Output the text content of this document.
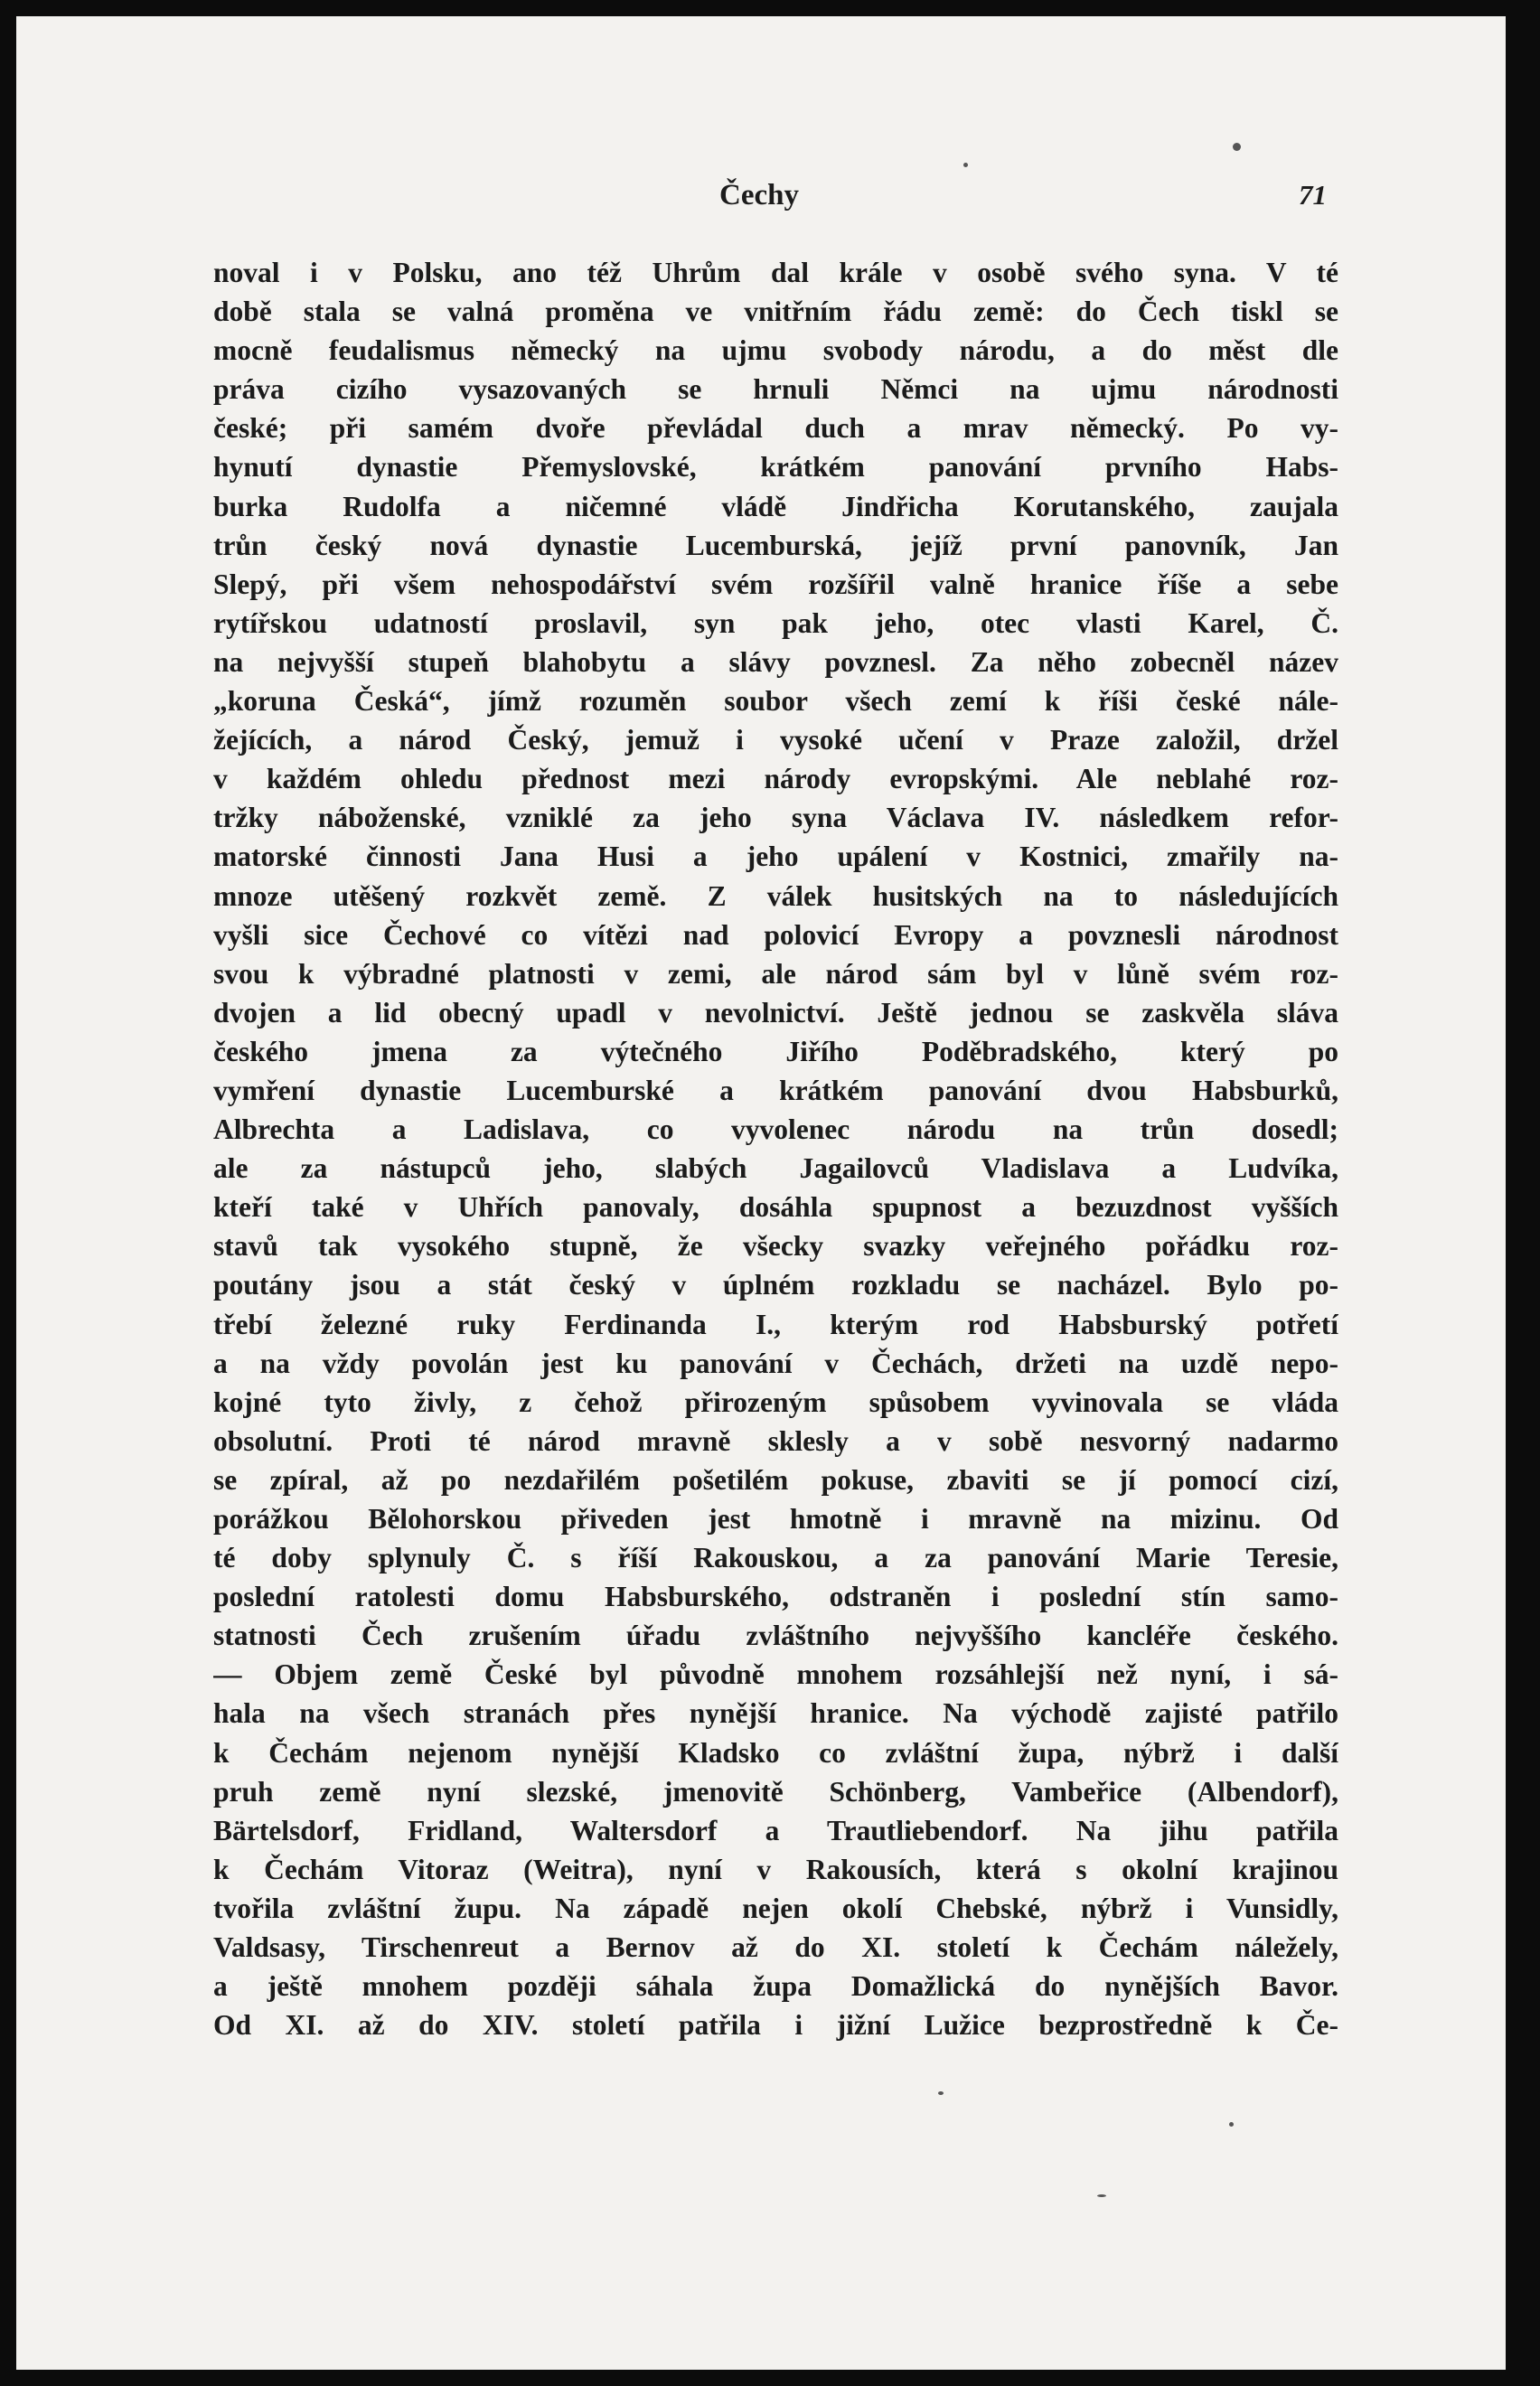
Čechy	71
noval i v Polsku, ano též Uhrům dal krále v osobě svého syna. V té
době stala se valná proměna ve vnitřním řádu země: do Čech tiskl se
mocně feudalismus německý na ujmu svobody národu, a do měst dle
práva cizího vysazovaných se hrnuli Němci na ujmu národnosti
české; při samém dvoře převládal duch a mrav německý. Po vy-
hynutí dynastie Přemyslovské, krátkém panování prvního Habs-
burka Rudolfa a ničemné vládě Jindřicha Korutanského, zaujala
trůn český nová dynastie Lucemburská, jejíž první panovník, Jan
Slepý, při všem nehospodářství svém rozšířil valně hranice říše a sebe
rytířskou udatností proslavil, syn pak jeho, otec vlasti Karel, Č.
na nejvyšší stupeň blahobytu a slávy povznesl. Za něho zobecněl název
„koruna Česká“, jímž rozuměn soubor všech zemí k říši české nále-
žejících, a národ Český, jemuž i vysoké učení v Praze založil, držel
v každém ohledu přednost mezi národy evropskými. Ale neblahé roz-
tržky náboženské, vzniklé za jeho syna Václava IV. následkem refor-
matorské činnosti Jana Husi a jeho upálení v Kostnici, zmařily na-
mnoze utěšený rozkvět země. Z válek husitských na to následujících
vyšli sice Čechové co vítězi nad polovicí Evropy a povznesli národnost
svou k výbradné platnosti v zemi, ale národ sám byl v lůně svém roz-
dvojen a lid obecný upadl v nevolnictví. Ještě jednou se zaskvěla sláva
českého jmena za výtečného Jiřího Poděbradského, který po
vymření dynastie Lucemburské a krátkém panování dvou Habsburků,
Albrechta a Ladislava, co vyvolenec národu na trůn dosedl;
ale za nástupců jeho, slabých Jagailovců Vladislava a Ludvíka,
kteří také v Uhřích panovaly, dosáhla spupnost a bezuzdnost vyšších
stavů tak vysokého stupně, že všecky svazky veřejného pořádku roz-
poutány jsou a stát český v úplném rozkladu se nacházel. Bylo po-
třebí železné ruky Ferdinanda I., kterým rod Habsburský potřetí
a na vždy povolán jest ku panování v Čechách, držeti na uzdě nepo-
kojné tyto živly, z čehož přirozeným spůsobem vyvinovala se vláda
obsolutní. Proti té národ mravně sklesly a v sobě nesvorný nadarmo
se zpíral, až po nezdařilém pošetilém pokuse, zbaviti se jí pomocí cizí,
porážkou Bělohorskou přiveden jest hmotně i mravně na mizinu. Od
té doby splynuly Č. s říší Rakouskou, a za panování Marie Teresie,
poslední ratolesti domu Habsburského, odstraněn i poslední stín samo-
statnosti Čech zrušením úřadu zvláštního nejvyššího kancléře českého.
— Objem země České byl původně mnohem rozsáhlejší než nyní, i sá-
hala na všech stranách přes nynější hranice. Na východě zajisté patřilo
k Čechám nejenom nynější Kladsko co zvláštní župa, nýbrž i další
pruh země nyní slezské, jmenovitě Schönberg, Vambeřice (Albendorf),
Bärtelsdorf, Fridland, Waltersdorf a Trautliebendorf. Na jihu patřila
k Čechám Vitoraz (Weitra), nyní v Rakousích, která s okolní krajinou
tvořila zvláštní župu. Na západě nejen okolí Chebské, nýbrž i Vunsidly,
Valdsasy, Tirschenreut a Bernov až do XI. století k Čechám náležely,
a ještě mnohem později sáhala župa Domažlická do nynějších Bavor.
Od XI. až do XIV. století patřila i jižní Lužice bezprostředně k Če-
